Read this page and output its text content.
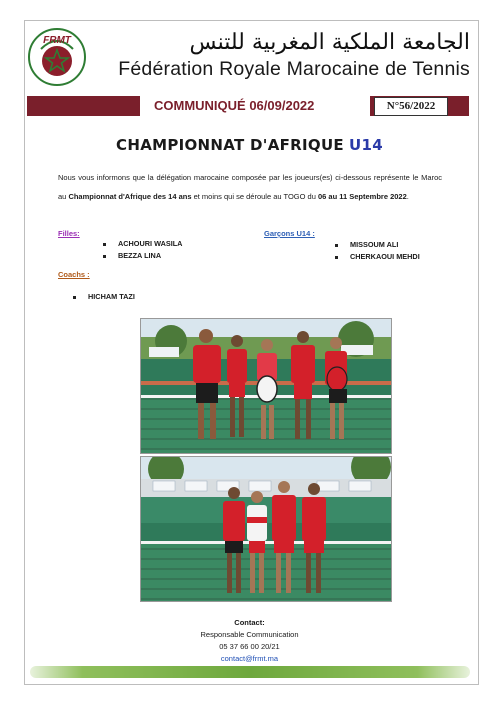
FRMT	الجامعة الملكية المغربية للتنس
Fédération Royale Marocaine de Tennis
COMMUNIQUÉ 06/09/2022	N°56/2022
CHAMPIONNAT D'AFRIQUE U14
Nous vous informons que la délégation marocaine composée par les joueurs(es) ci-dessous représente le Maroc au Championnat d'Afrique des 14 ans et moins qui se déroule au TOGO du 06 au 11 Septembre 2022.
Filles:
ACHOURI WASILA
BEZZA LINA
Garçons U14 :
MISSOUM ALI
CHERKAOUI MEHDI
Coachs :
HICHAM TAZI
Contact:
Responsable Communication
05 37 66 00 20/21
contact@frmt.ma
